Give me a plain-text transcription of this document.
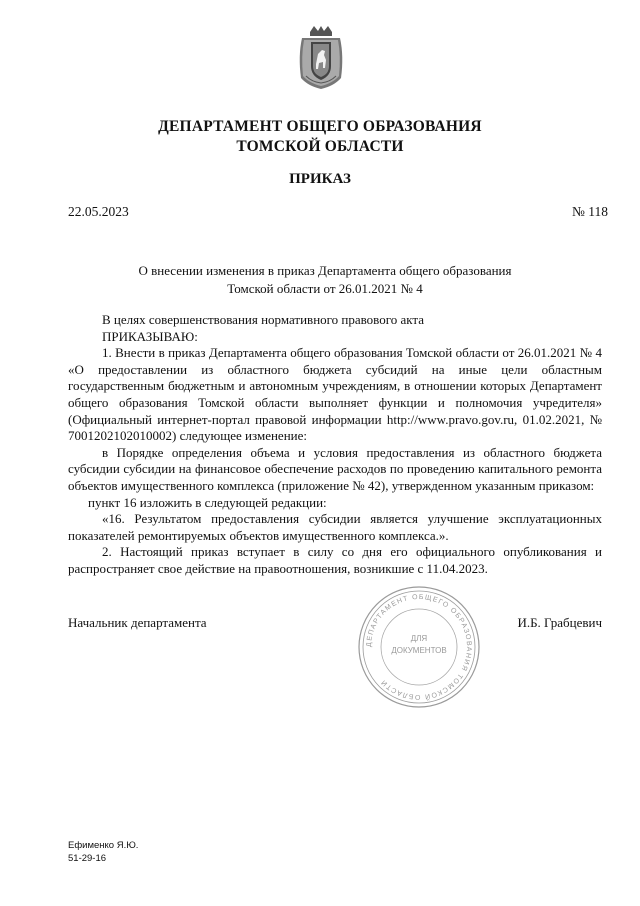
ДЕПАРТАМЕНТ ОБЩЕГО ОБРАЗОВАНИЯ
ТОМСКОЙ ОБЛАСТИ
ПРИКАЗ
22.05.2023	№ 118
О внесении изменения в приказ Департамента общего образования
Томской области от 26.01.2021 № 4

В целях совершенствования нормативного правового акта

ПРИКАЗЫВАЮ:

1. Внести в приказ Департамента общего образования Томской области от 26.01.2021 № 4 «О предоставлении из областного бюджета субсидий на иные цели областным государственным бюджетным и автономным учреждениям, в отношении которых Департамент общего образования Томской области выполняет функции и полномочия учредителя» (Официальный интернет-портал правовой информации http://www.pravo.gov.ru, 01.02.2021, № 7001202102010002) следующее изменение:

в Порядке определения объема и условия предоставления из областного бюджета субсидии субсидии на финансовое обеспечение расходов по проведению капитального ремонта объектов имущественного комплекса (приложение № 42), утвержденном указанным приказом:

пункт 16 изложить в следующей редакции:

«16. Результатом предоставления субсидии является улучшение эксплуатационных показателей ремонтируемых объектов имущественного комплекса.».

2. Настоящий приказ вступает в силу со дня его официального опубликования и распространяет свое действие на правоотношения, возникшие с 11.04.2023.

Начальник департамента	И.Б. Грабцевич
ДЕПАРТАМЕНТ ОБЩЕГО ОБРАЗОВАНИЯ ТОМСКОЙ ОБЛАСТИ
ДЛЯ
ДОКУМЕНТОВ
Ефименко Я.Ю.
51-29-16
